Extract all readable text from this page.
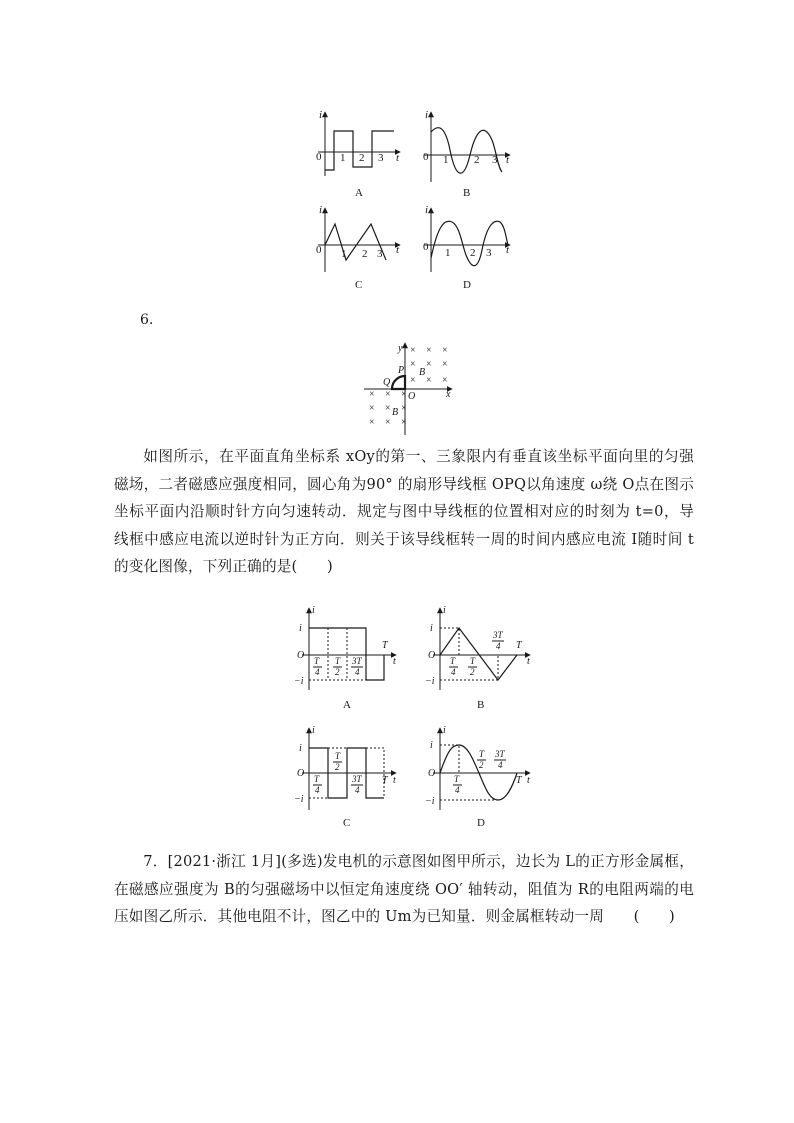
i
0 1 2 3 t
A
i
0 1 2 3 t
B
i
0 1 2 3 t
C
i
0 1 2 3 t
D
6.
× × ×
× × ×
× ×
×
× × ×
× × ×
× × ×
y
x
O
P
Q
B
B

如图所示，在平面直角坐标系 xOy的第一、三象限内有垂直该坐标平面向里的匀强磁场，二者磁感应强度相同，圆心角为90° 的扇形导线框 OPQ以角速度 ω绕 O点在图示坐标平面内沿顺时针方向匀速转动．规定与图中导线框的位置相对应的时刻为 t=0，导线框中感应电流以逆时针为正方向．则关于该导线框转一周的时间内感应电流 I随时间 t的变化图像，下列正确的是(　　)

i
i
O
−i
T
t
T
4
T
2
3T
4
A
i
i
O
−i
T
t
T
4
T
2
3T
4
B
i
i
O
−i
T t
T
4
T
2
3T
4
C
i
i
O
−i
T t
T
4
T
2
3T
4
D

7．[2021·浙江 1月](多选)发电机的示意图如图甲所示，边长为 L的正方形金属框，在磁感应强度为 B的匀强磁场中以恒定角速度绕 OO′ 轴转动，阻值为 R的电阻两端的电压如图乙所示．其他电阻不计，图乙中的 Um为已知量．则金属框转动一周　　(　　)
